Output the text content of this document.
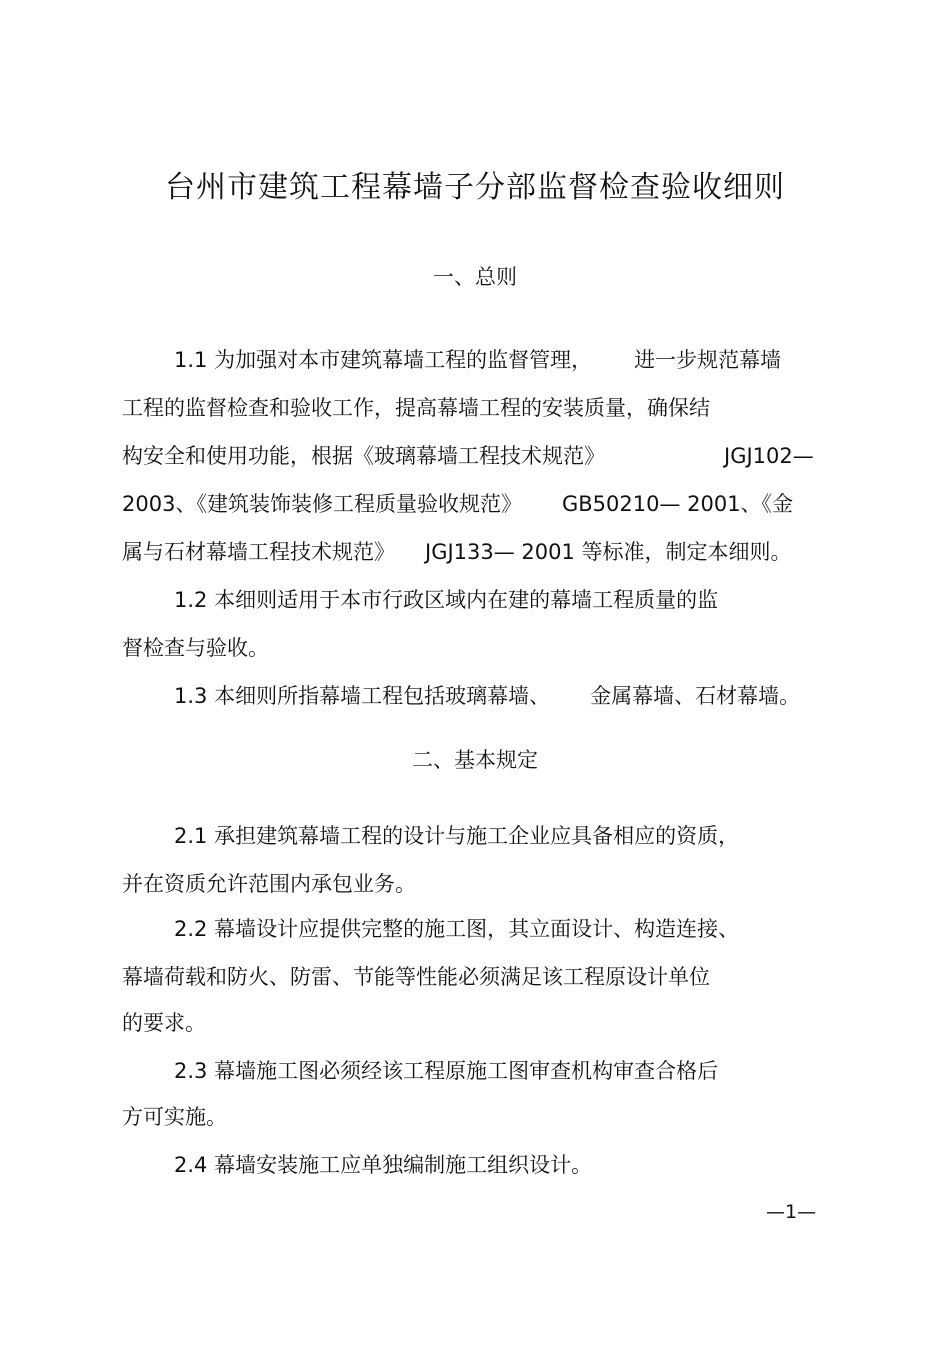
台州市建筑工程幕墙子分部监督检查验收细则
一、总则
1.1 为加强对本市建筑幕墙工程的监督管理， 进一步规范幕墙
工程的监督检查和验收工作，提高幕墙工程的安装质量，确保结
构安全和使用功能，根据《玻璃幕墙工程技术规范》	JGJ102—
2003、《建筑装饰装修工程质量验收规范》 GB50210— 2001、《金
属与石材幕墙工程技术规范》 JGJ133— 2001 等标准，制定本细则。
1.2 本细则适用于本市行政区域内在建的幕墙工程质量的监
督检查与验收。
1.3 本细则所指幕墙工程包括玻璃幕墙、 金属幕墙、石材幕墙。
二、基本规定
2.1 承担建筑幕墙工程的设计与施工企业应具备相应的资质，
并在资质允许范围内承包业务。
2.2 幕墙设计应提供完整的施工图，其立面设计、构造连接、
幕墙荷载和防火、防雷、节能等性能必须满足该工程原设计单位
的要求。
2.3 幕墙施工图必须经该工程原施工图审查机构审查合格后
方可实施。
2.4 幕墙安装施工应单独编制施工组织设计。
—1—
